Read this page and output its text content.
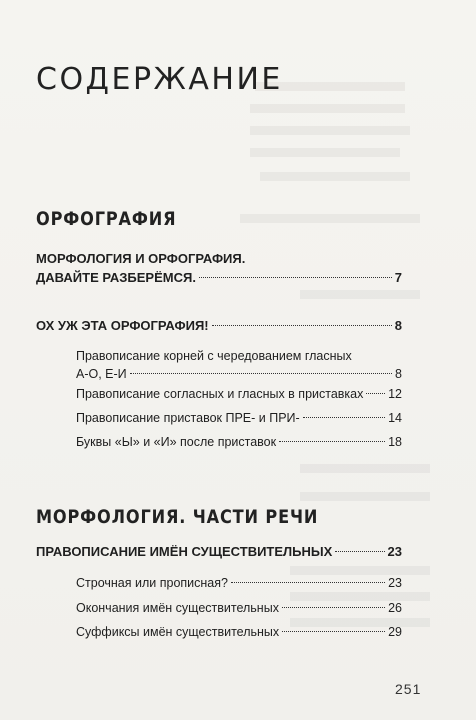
СОДЕРЖАНИЕ
ОРФОГРАФИЯ
МОРФОЛОГИЯ И ОРФОГРАФИЯ.
ДАВАЙТЕ РАЗБЕРЁМСЯ.	7
ОХ УЖ ЭТА ОРФОГРАФИЯ!	8
Правописание корней с чередованием гласных
А-О, Е-И	8
Правописание согласных и гласных в приставках 12
Правописание приставок ПРЕ- и ПРИ-	14
Буквы «Ы» и «И» после приставок	18
МОРФОЛОГИЯ. ЧАСТИ РЕЧИ
ПРАВОПИСАНИЕ ИМЁН СУЩЕСТВИТЕЛЬНЫХ	23
Строчная или прописная?	23
Окончания имён существительных	26
Суффиксы имён существительных	29
251
